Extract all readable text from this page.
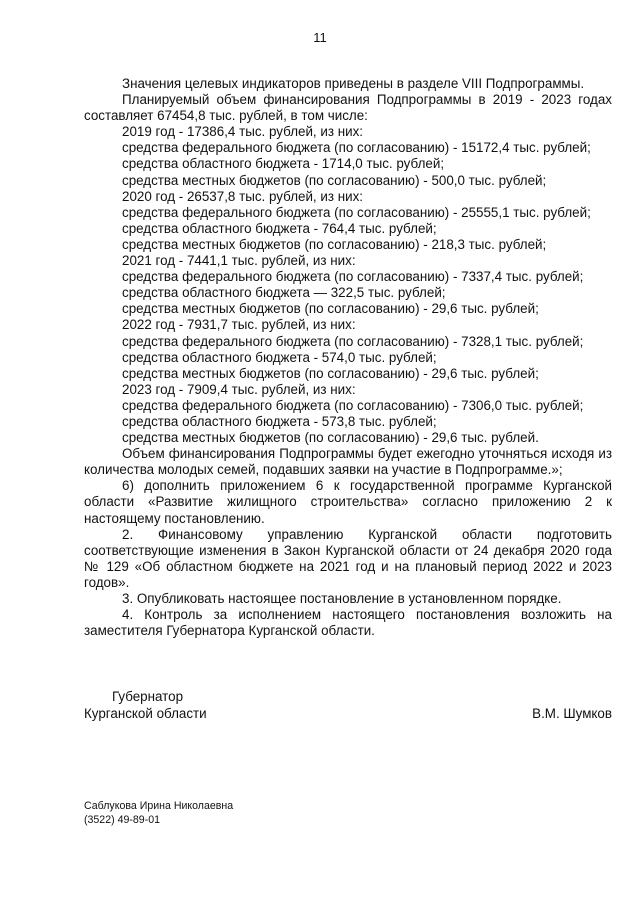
11

Значения целевых индикаторов приведены в разделе VIII Подпрограммы.

Планируемый объем финансирования Подпрограммы в 2019 - 2023 годах составляет 67454,8 тыс. рублей, в том числе:

2019 год - 17386,4 тыс. рублей, из них:

средства федерального бюджета (по согласованию) - 15172,4 тыс. рублей;

средства областного бюджета - 1714,0 тыс. рублей;

средства местных бюджетов (по согласованию) - 500,0 тыс. рублей;

2020 год - 26537,8 тыс. рублей, из них:

средства федерального бюджета (по согласованию) - 25555,1 тыс. рублей;

средства областного бюджета - 764,4 тыс. рублей;

средства местных бюджетов (по согласованию) - 218,3 тыс. рублей;

2021 год - 7441,1 тыс. рублей, из них:

средства федерального бюджета (по согласованию) - 7337,4 тыс. рублей;

средства областного бюджета — 322,5 тыс. рублей;

средства местных бюджетов (по согласованию) - 29,6 тыс. рублей;

2022 год - 7931,7 тыс. рублей, из них:

средства федерального бюджета (по согласованию) - 7328,1 тыс. рублей;

средства областного бюджета - 574,0 тыс. рублей;

средства местных бюджетов (по согласованию) - 29,6 тыс. рублей;

2023 год - 7909,4 тыс. рублей, из них:

средства федерального бюджета (по согласованию) - 7306,0 тыс. рублей;

средства областного бюджета - 573,8 тыс. рублей;

средства местных бюджетов (по согласованию) - 29,6 тыс. рублей.

Объем финансирования Подпрограммы будет ежегодно уточняться исходя из количества молодых семей, подавших заявки на участие в Подпрограмме.»;

6) дополнить приложением 6 к государственной программе Курганской области «Развитие жилищного строительства» согласно приложению 2 к настоящему постановлению.

2. Финансовому управлению Курганской области подготовить соответствующие изменения в Закон Курганской области от 24 декабря 2020 года № 129 «Об областном бюджете на 2021 год и на плановый период 2022 и 2023 годов».

3. Опубликовать настоящее постановление в установленном порядке.

4. Контроль за исполнением настоящего постановления возложить на заместителя Губернатора Курганской области.

Губернатор
Курганской области	В.М. Шумков
Саблукова Ирина Николаевна
(3522) 49-89-01
